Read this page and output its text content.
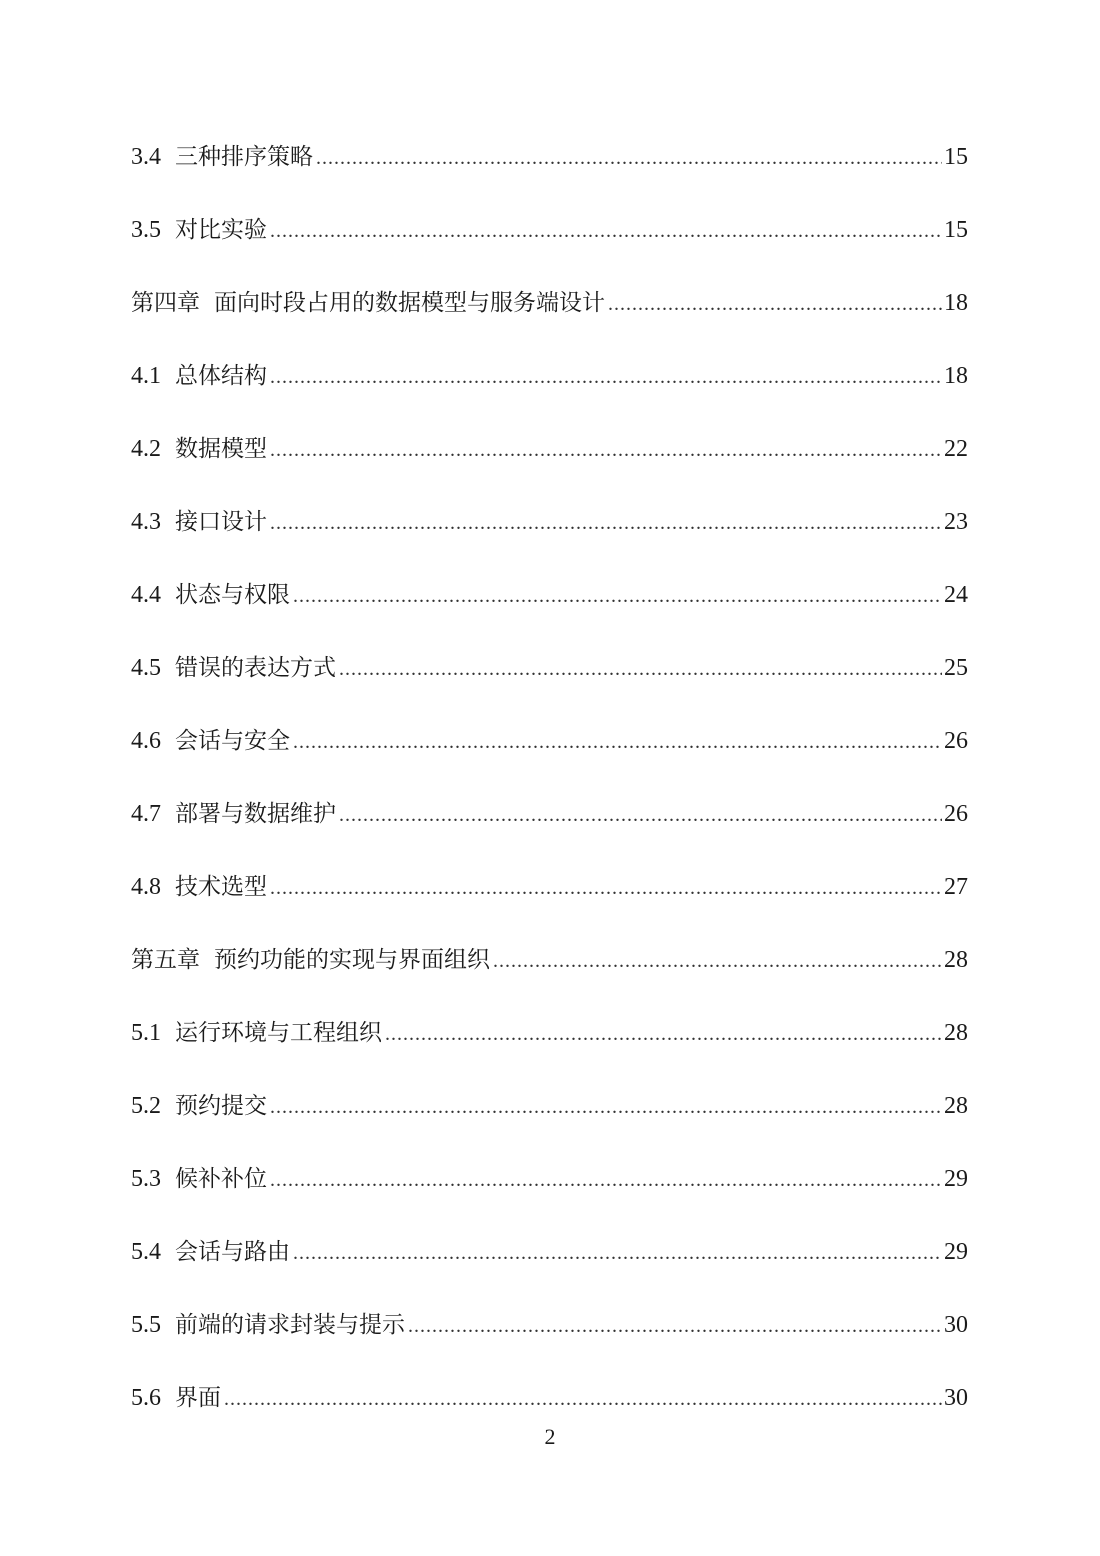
3.4 三种排序策略 .....	15
3.5 对比实验 .....	15
第四章 面向时段占用的数据模型与服务端设计 .....	18
4.1 总体结构 .....	18
4.2 数据模型 .....	22
4.3 接口设计 .....	23
4.4 状态与权限 .....	24
4.5 错误的表达方式 .....	25
4.6 会话与安全 .....	26
4.7 部署与数据维护 .....	26
4.8 技术选型 .....	27
第五章 预约功能的实现与界面组织 .....	28
5.1 运行环境与工程组织 .....	28
5.2 预约提交 .....	28
5.3 候补补位 .....	29
5.4 会话与路由 .....	29
5.5 前端的请求封装与提示 .....	30
5.6 界面 .....	30
2
